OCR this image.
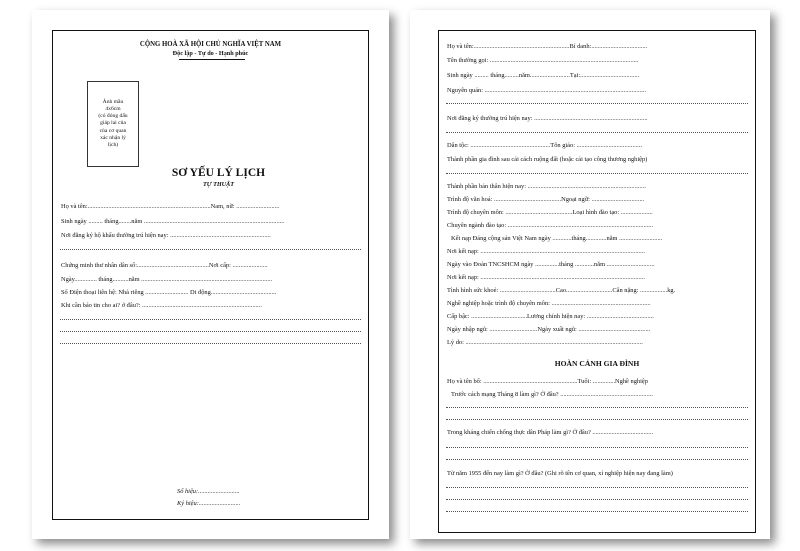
CỘNG HOÀ XÃ HỘI CHỦ NGHĨA VIỆT NAM
Độc lập - Tự do - Hạnh phúc
Ảnh mầu
4x6cm
(có đóng dấu
giáp lai của
của cơ quan
xác nhận lý
lịch)
SƠ YẾU LÝ LỊCH
TỰ THUẬT
Họ và tên:.............................................................................Nam, nữ: ...........................
Sinh ngày ......... tháng........năm ........................................................................................
Nơi đăng ký hộ khẩu thường trú hiện nay: ...............................................................
Chứng minh thư nhân dân số:.............................................Nơi cấp: ......................
Ngày.............. tháng..........năm ..................................................................................
Số Điện thoại liên hệ: Nhà riêng ........................... Di động.........................................
Khi cần báo tin cho ai? ở đâu?: ...........................................................................
Số hiệu:..........................
Ký hiệu:..........................
Họ và tên:............................................................Bí danh:...................................
Tên thường gọi: .............................................................................................
Sinh ngày ......... tháng.........năm.........................Tại:.....................................
Nguyên quán: .....................................................................................................
Nơi đăng ký thường trú hiện nay: .......................................................................
Dân tộc: ..................................................Tôn giáo: .........................................
Thành phần gia đình sau cải cách ruộng đất (hoặc cải tạo công thương nghiệp)
Thành phần bản thân hiện nay: ..........................................................................
Trình độ văn hoá: ..........................................Ngoại ngữ: .................................
Trình độ chuyên môn: ..........................................Loại hình đào tạo: ....................
Chuyên ngành đào tạo: ...........................................................................................
Kết nạp Đảng cộng sản Việt Nam ngày ............tháng.............năm ...........................
Nơi kết nạp: .......................................................................................................
Ngày vào Đoàn TNCSHCM ngày ...............tháng ............năm ..............................
Nơi kết nạp: .......................................................................................................
Tình hình sức khoẻ: ...................................Cao.............................Cân nặng: .................kg.
Nghề nghiệp hoặc trình độ chuyên môn: ..............................................................
Cấp bậc: ...................................Lương chính hiện nay: ..........................................
Ngày nhập ngũ: ..............................Ngày xuất ngũ: .............................................
Lý do: ...............................................................................................................
HOÀN CẢNH GIA ĐÌNH
Họ và tên bố: ...........................................................Tuổi: ..............Nghề nghiệp
Trước cách mạng Tháng 8 làm gì? Ở đâu? ..........................................................
Trong kháng chiến chống thực dân Pháp làm gì? Ở đâu? ......................................
Từ năm 1955 đến nay làm gì? Ở đâu? (Ghi rõ tên cơ quan, xí nghiệp hiện nay đang làm)
